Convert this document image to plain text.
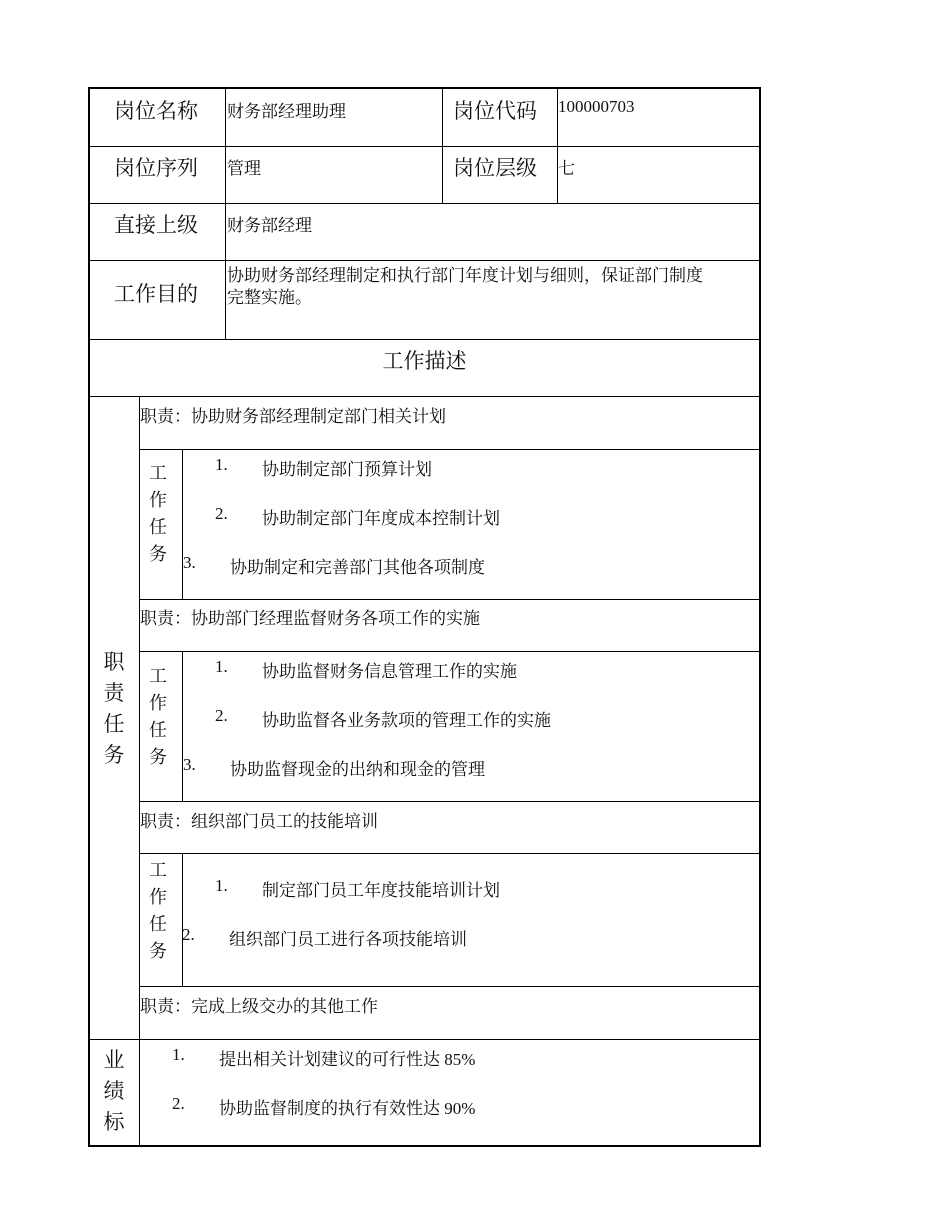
岗位名称 财务部经理助理	岗位代码 100000703
岗位序列 管理	岗位层级 七
直接上级 财务部经理
工作目的
协助财务部经理制定和执行部门年度计划与细则，保证部门制度
完整实施。
工作描述
职
责
任
务
职责：协助财务部经理制定部门相关计划
工
作
任
务
1. 协助制定部门预算计划
2. 协助制定部门年度成本控制计划
3. 协助制定和完善部门其他各项制度
职责：协助部门经理监督财务各项工作的实施
工
作
任
务
1. 协助监督财务信息管理工作的实施
2. 协助监督各业务款项的管理工作的实施
3. 协助监督现金的出纳和现金的管理
职责：组织部门员工的技能培训
工
作
任
务
1. 制定部门员工年度技能培训计划
2. 组织部门员工进行各项技能培训
职责：完成上级交办的其他工作
业
绩
标
1. 提出相关计划建议的可行性达 85%
2. 协助监督制度的执行有效性达 90%
